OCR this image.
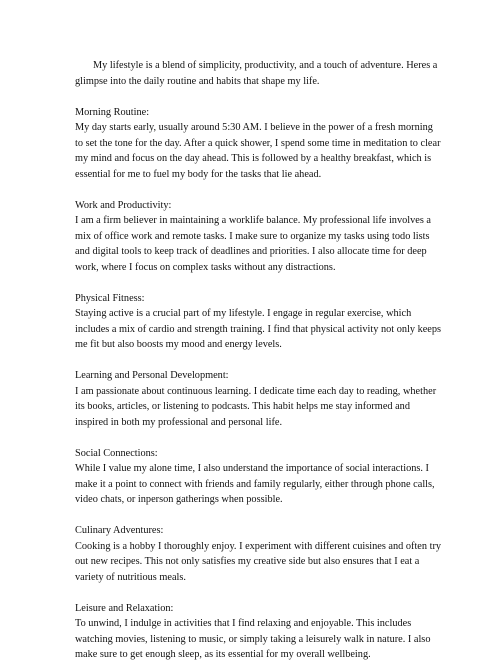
My lifestyle is a blend of simplicity, productivity, and a touch of adventure. Heres a glimpse into the daily routine and habits that shape my life.

Morning Routine:
My day starts early, usually around 5:30 AM. I believe in the power of a fresh morning to set the tone for the day. After a quick shower, I spend some time in meditation to clear my mind and focus on the day ahead. This is followed by a healthy breakfast, which is essential for me to fuel my body for the tasks that lie ahead.
Work and Productivity:
I am a firm believer in maintaining a worklife balance. My professional life involves a mix of office work and remote tasks. I make sure to organize my tasks using todo lists and digital tools to keep track of deadlines and priorities. I also allocate time for deep work, where I focus on complex tasks without any distractions.
Physical Fitness:
Staying active is a crucial part of my lifestyle. I engage in regular exercise, which includes a mix of cardio and strength training. I find that physical activity not only keeps me fit but also boosts my mood and energy levels.
Learning and Personal Development:
I am passionate about continuous learning. I dedicate time each day to reading, whether its books, articles, or listening to podcasts. This habit helps me stay informed and inspired in both my professional and personal life.
Social Connections:
While I value my alone time, I also understand the importance of social interactions. I make it a point to connect with friends and family regularly, either through phone calls, video chats, or inperson gatherings when possible.
Culinary Adventures:
Cooking is a hobby I thoroughly enjoy. I experiment with different cuisines and often try out new recipes. This not only satisfies my creative side but also ensures that I eat a variety of nutritious meals.
Leisure and Relaxation:
To unwind, I indulge in activities that I find relaxing and enjoyable. This includes watching movies, listening to music, or simply taking a leisurely walk in nature. I also make sure to get enough sleep, as its essential for my overall wellbeing.
